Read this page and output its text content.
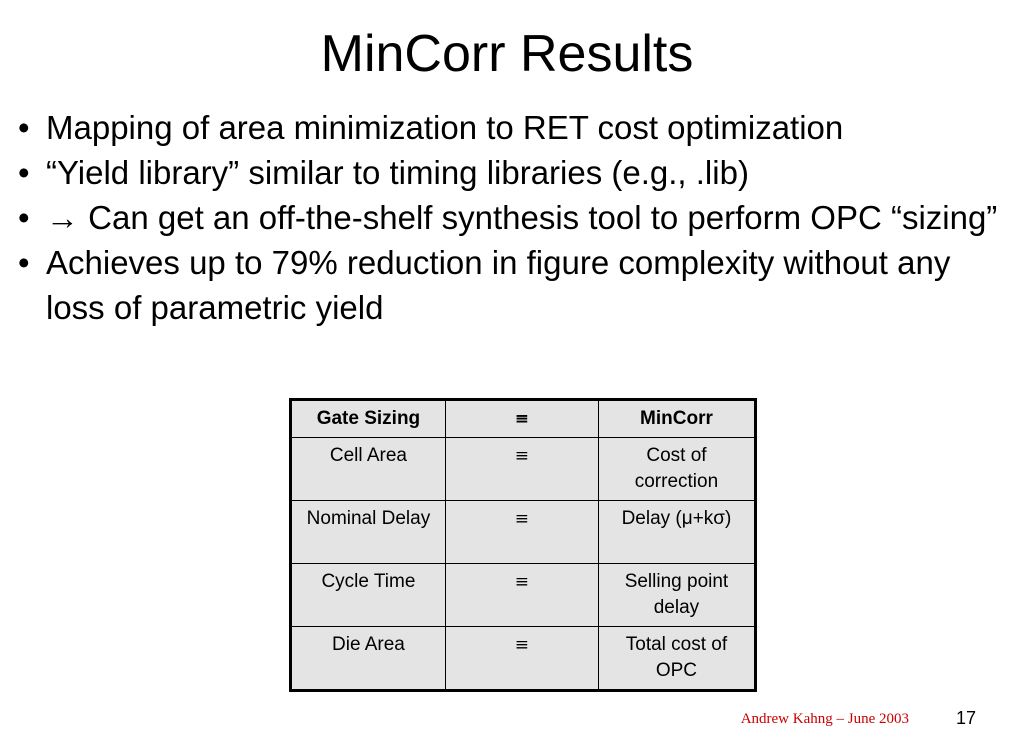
MinCorr Results
• Mapping of area minimization to RET cost optimization
• “Yield library” similar to timing libraries (e.g., .lib)
• → Can get an off-the-shelf synthesis tool to perform OPC “sizing”
• Achieves up to 79% reduction in figure complexity without any loss of parametric yield
Gate Sizing	≡	MinCorr
Cell Area	≡	Cost of correction
Nominal Delay	≡	Delay (μ+kσ)
Cycle Time	≡	Selling point delay
Die Area	≡	Total cost of OPC
Andrew Kahng – June 2003	17
